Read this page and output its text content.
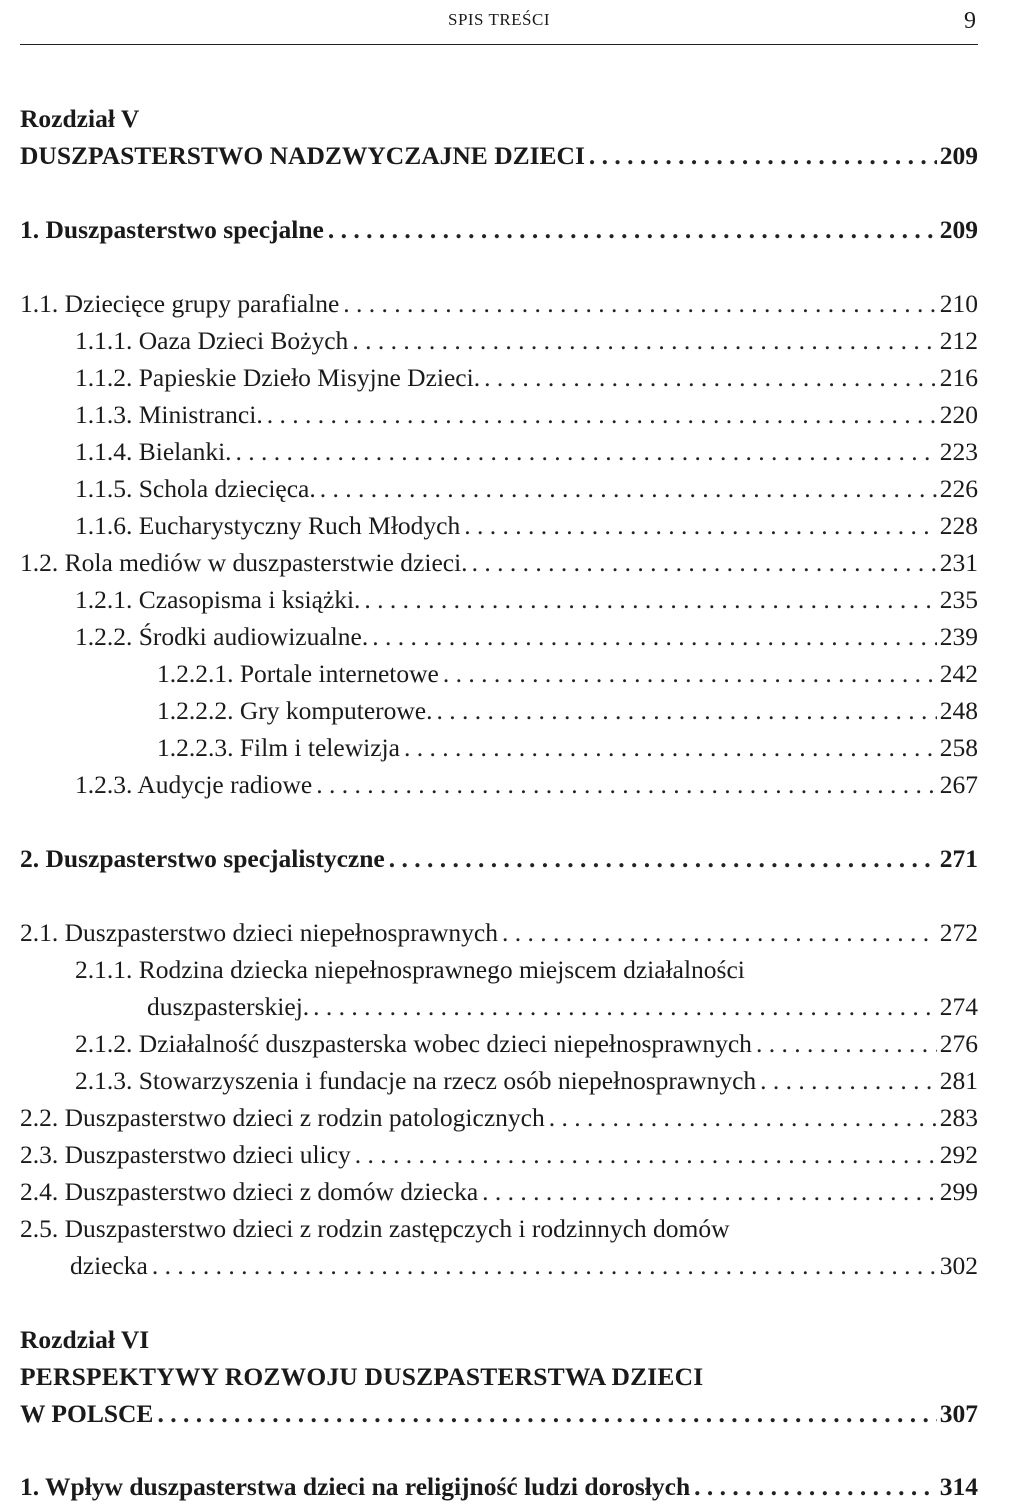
SPIS TREŚCI	9
Rozdział V
DUSZPASTERSTWO NADZWYCZAJNE DZIECI . . .	209
1. Duszpasterstwo specjalne . . .	209
1.1. Dziecięce grupy parafialne . . .	210
1.1.1. Oaza Dzieci Bożych . . .	212
1.1.2. Papieskie Dzieło Misyjne Dzieci. . . .	216
1.1.3. Ministranci. . . .	220
1.1.4. Bielanki. . . .	223
1.1.5. Schola dziecięca. . . .	226
1.1.6. Eucharystyczny Ruch Młodych . . .	228
1.2. Rola mediów w duszpasterstwie dzieci. . . .	231
1.2.1. Czasopisma i książki. . . .	235
1.2.2. Środki audiowizualne. . . .	239
1.2.2.1. Portale internetowe . . .	242
1.2.2.2. Gry komputerowe. . . .	248
1.2.2.3. Film i telewizja . . .	258
1.2.3. Audycje radiowe . . .	267
2. Duszpasterstwo specjalistyczne . . .	271
2.1. Duszpasterstwo dzieci niepełnosprawnych . . .	272
2.1.1. Rodzina dziecka niepełnosprawnego miejscem działalności
duszpasterskiej. . . .	274
2.1.2. Działalność duszpasterska wobec dzieci niepełnosprawnych . . .	276
2.1.3. Stowarzyszenia i fundacje na rzecz osób niepełnosprawnych . . .	281
2.2. Duszpasterstwo dzieci z rodzin patologicznych . . .	283
2.3. Duszpasterstwo dzieci ulicy . . .	292
2.4. Duszpasterstwo dzieci z domów dziecka . . .	299
2.5. Duszpasterstwo dzieci z rodzin zastępczych i rodzinnych domów
dziecka . . .	302
Rozdział VI
PERSPEKTYWY ROZWOJU DUSZPASTERSTWA DZIECI
W POLSCE . . .	307
1. Wpływ duszpasterstwa dzieci na religijność ludzi dorosłych . . .	314
